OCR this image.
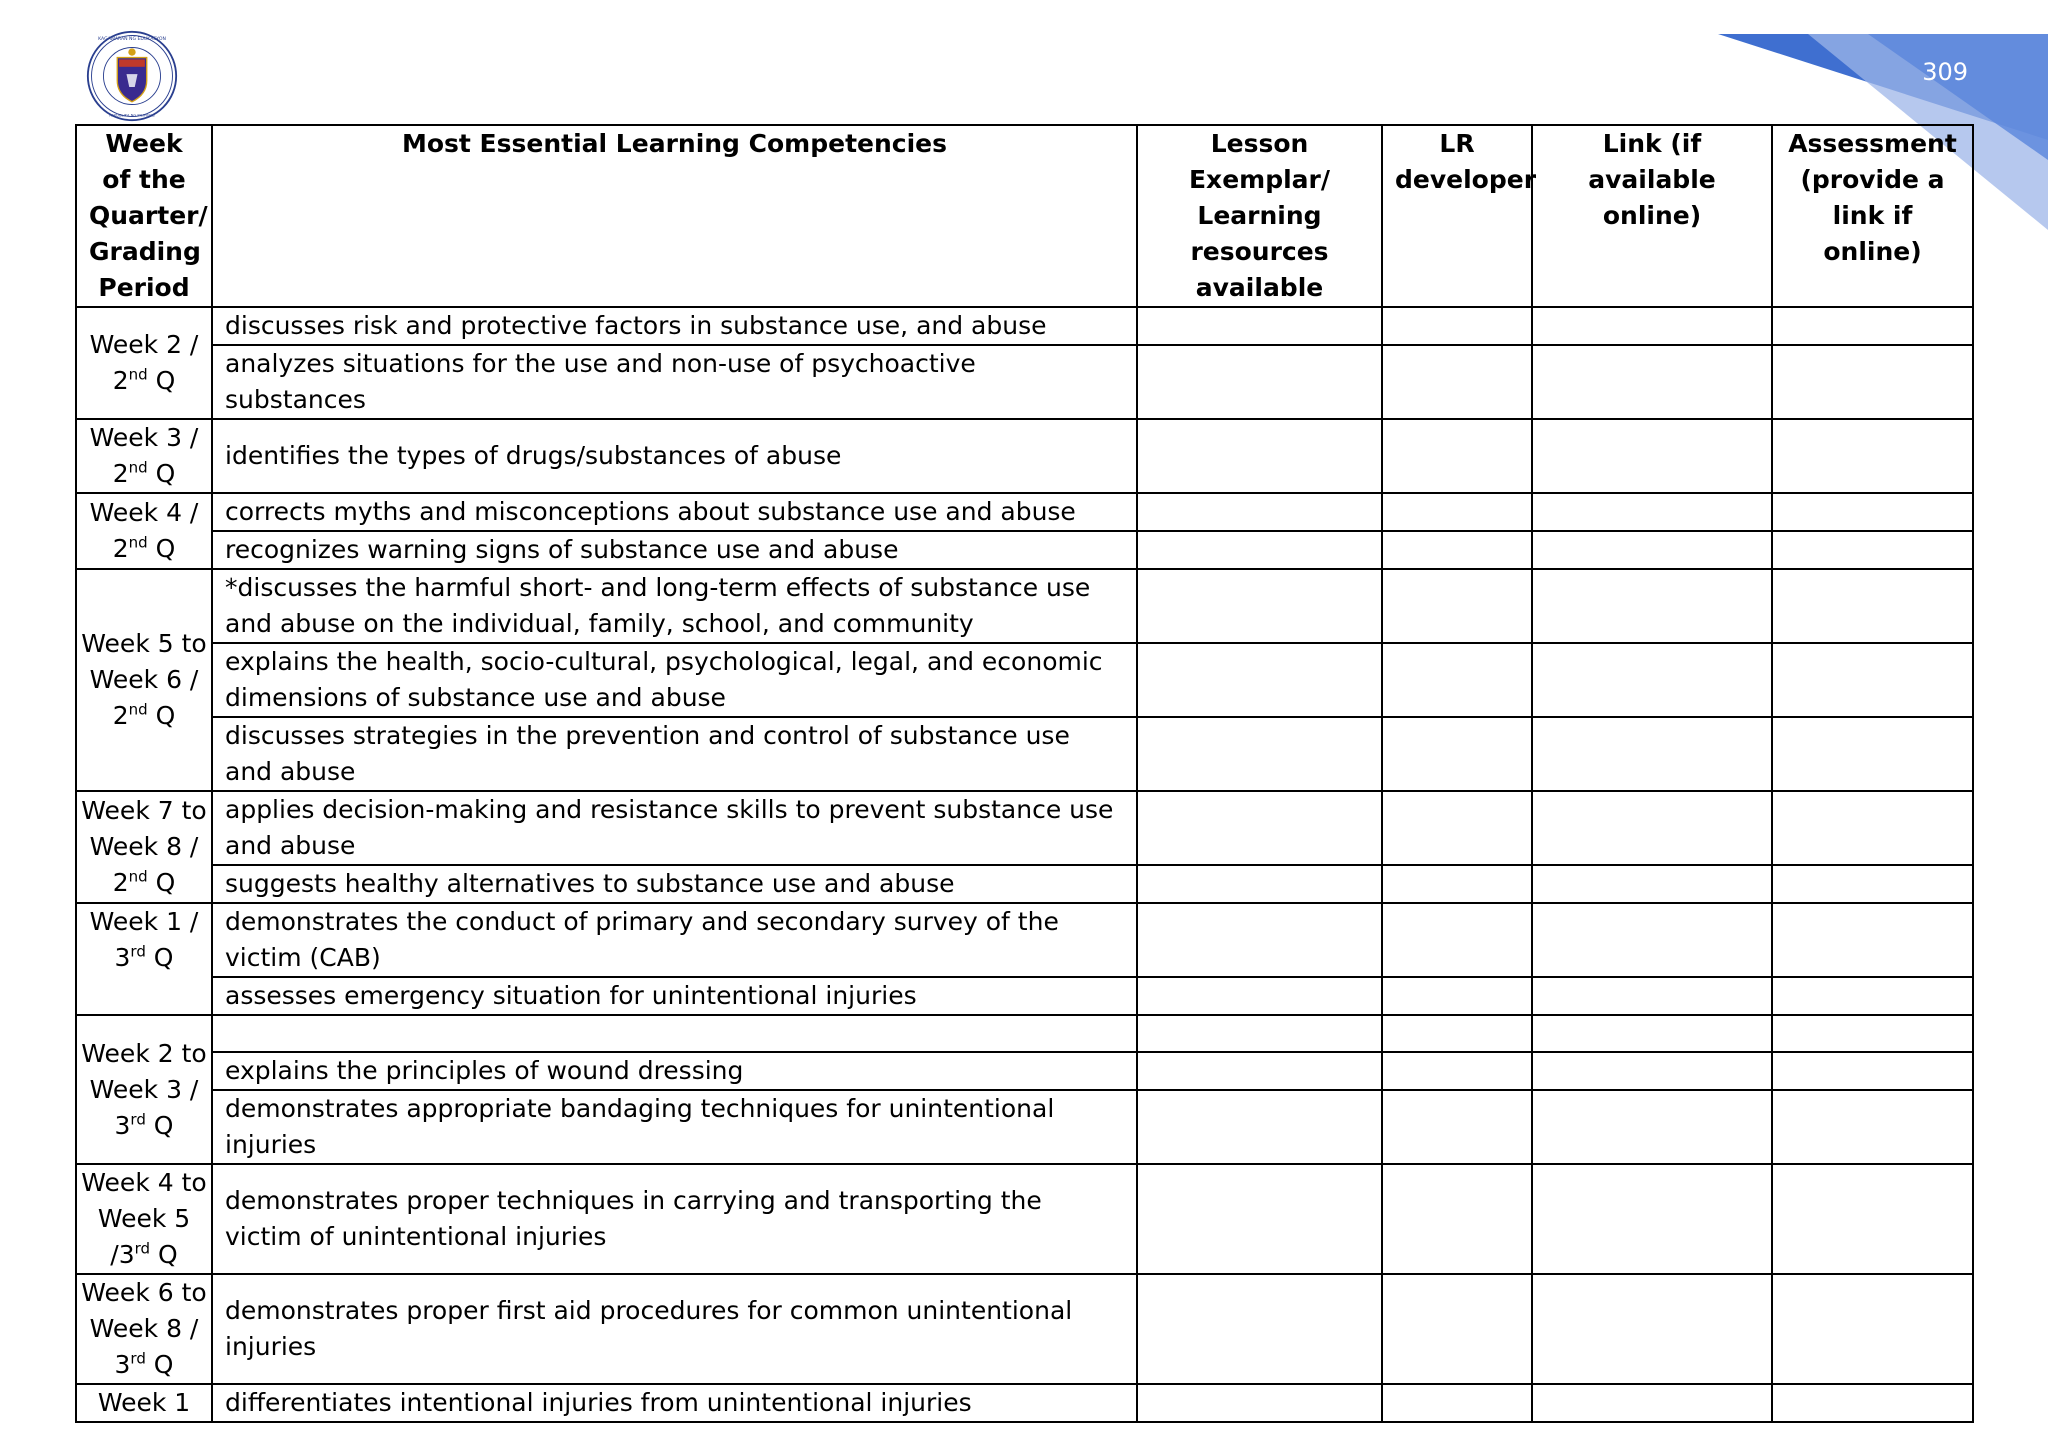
KAGAWARAN NG EDUKASYON
REPUBLIKA NG PILIPINAS
309
Week of the Quarter/ Grading Period	Most Essential Learning Competencies	Lesson Exemplar/ Learning resources available	LR developer	Link (if available online)	Assessment (provide a link if online)
Week 2 / 2nd Q	discusses risk and protective factors in substance use, and abuse				
	analyzes situations for the use and non-use of psychoactive substances				
Week 3 / 2nd Q	identifies the types of drugs/substances of abuse				
Week 4 / 2nd Q	corrects myths and misconceptions about substance use and abuse				
	recognizes warning signs of substance use and abuse				
Week 5 to Week 6 / 2nd Q	*discusses the harmful short- and long-term effects of substance use and abuse on the individual, family, school, and community				
	explains the health, socio-cultural, psychological, legal, and economic dimensions of substance use and abuse				
	discusses strategies in the prevention and control of substance use and abuse				
Week 7 to Week 8 / 2nd Q	applies decision-making and resistance skills to prevent substance use and abuse				
	suggests healthy alternatives to substance use and abuse				
Week 1 / 3rd Q	demonstrates the conduct of primary and secondary survey of the victim (CAB)				
	assesses emergency situation for unintentional injuries				
Week 2 to Week 3 / 3rd Q					
	explains the principles of wound dressing				
	demonstrates appropriate bandaging techniques for unintentional injuries				
Week 4 to Week 5 /3rd Q	demonstrates proper techniques in carrying and transporting the victim of unintentional injuries				
Week 6 to Week 8 / 3rd Q	demonstrates proper first aid procedures for common unintentional injuries				
Week 1	differentiates intentional injuries from unintentional injuries				
